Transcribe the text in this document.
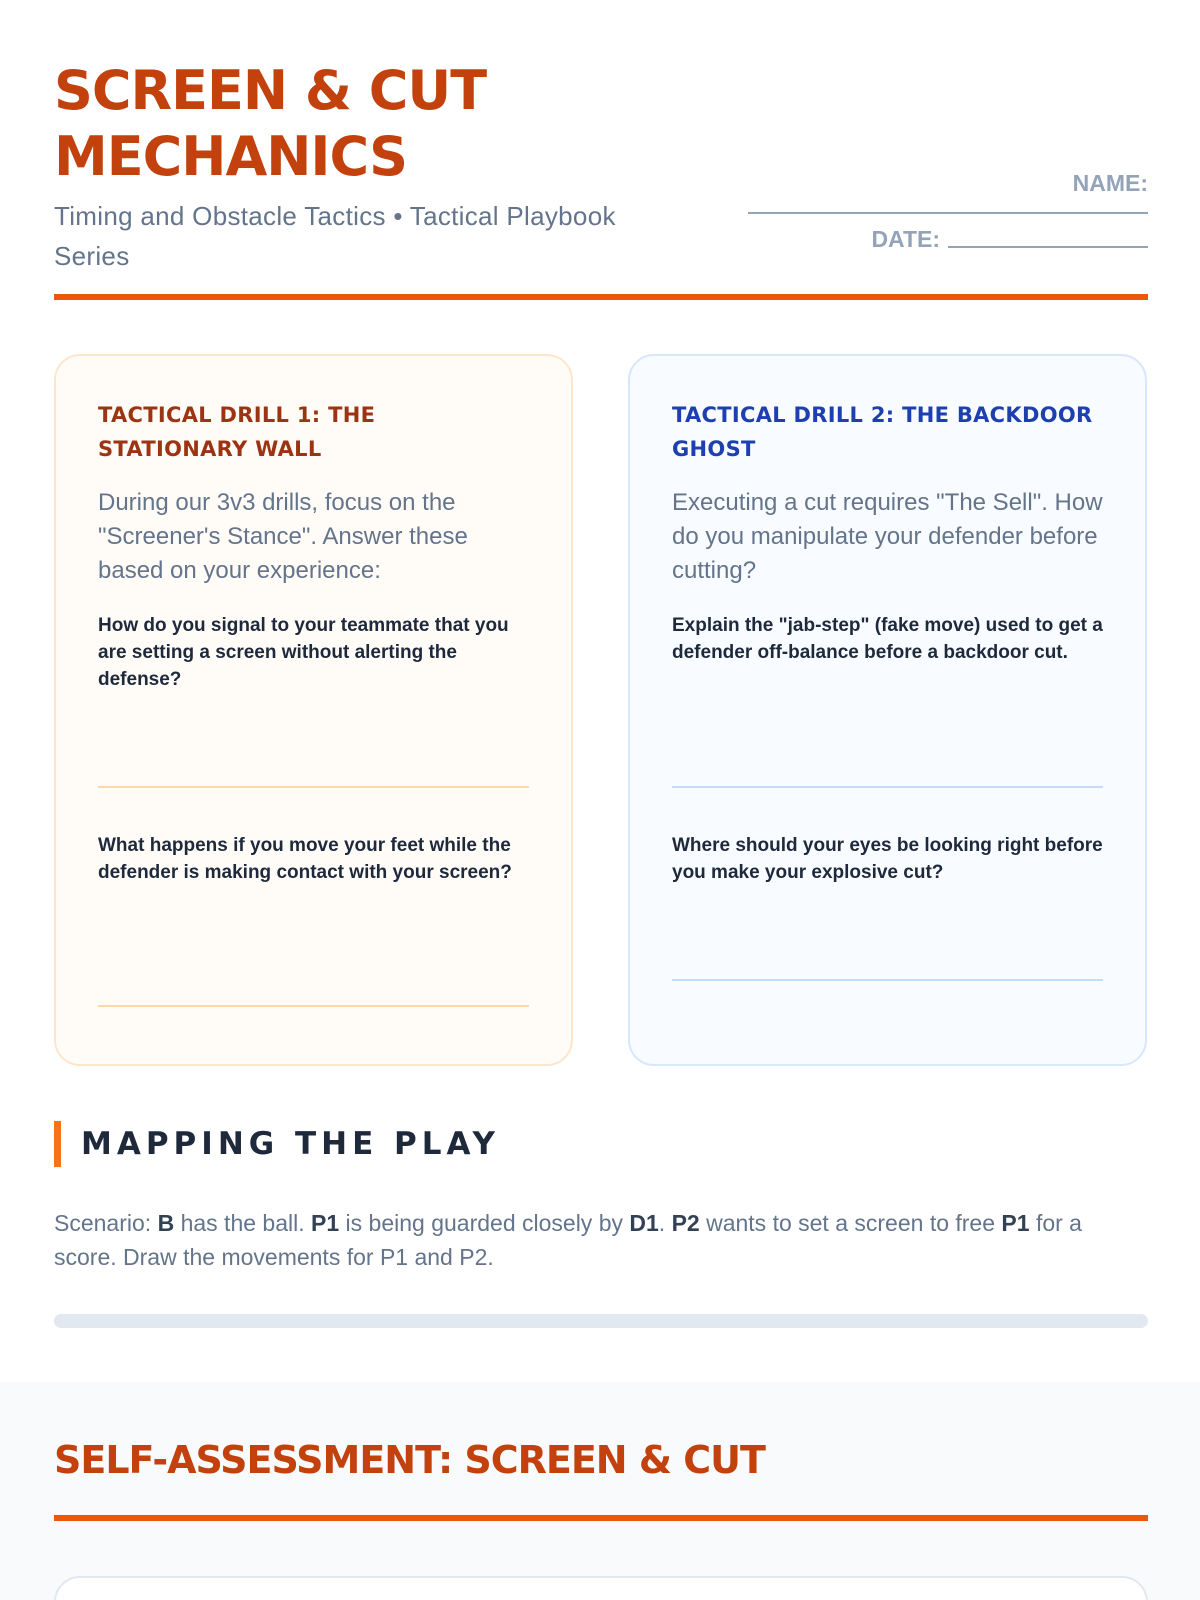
SCREEN & CUT MECHANICS

Timing and Obstacle Tactics • Tactical Playbook Series

NAME:
DATE:
TACTICAL DRILL 1: THE STATIONARY WALL

During our 3v3 drills, focus on the "Screener's Stance". Answer these based on your experience:

How do you signal to your teammate that you are setting a screen without alerting the defense?

What happens if you move your feet while the defender is making contact with your screen?

TACTICAL DRILL 2: THE BACKDOOR GHOST

Executing a cut requires "The Sell". How do you manipulate your defender before cutting?

Explain the "jab-step" (fake move) used to get a defender off-balance before a backdoor cut.

Where should your eyes be looking right before you make your explosive cut?

MAPPING THE PLAY

Scenario: B has the ball. P1 is being guarded closely by D1. P2 wants to set a screen to free P1 for a score. Draw the movements for P1 and P2.

SELF-ASSESSMENT: SCREEN & CUT
